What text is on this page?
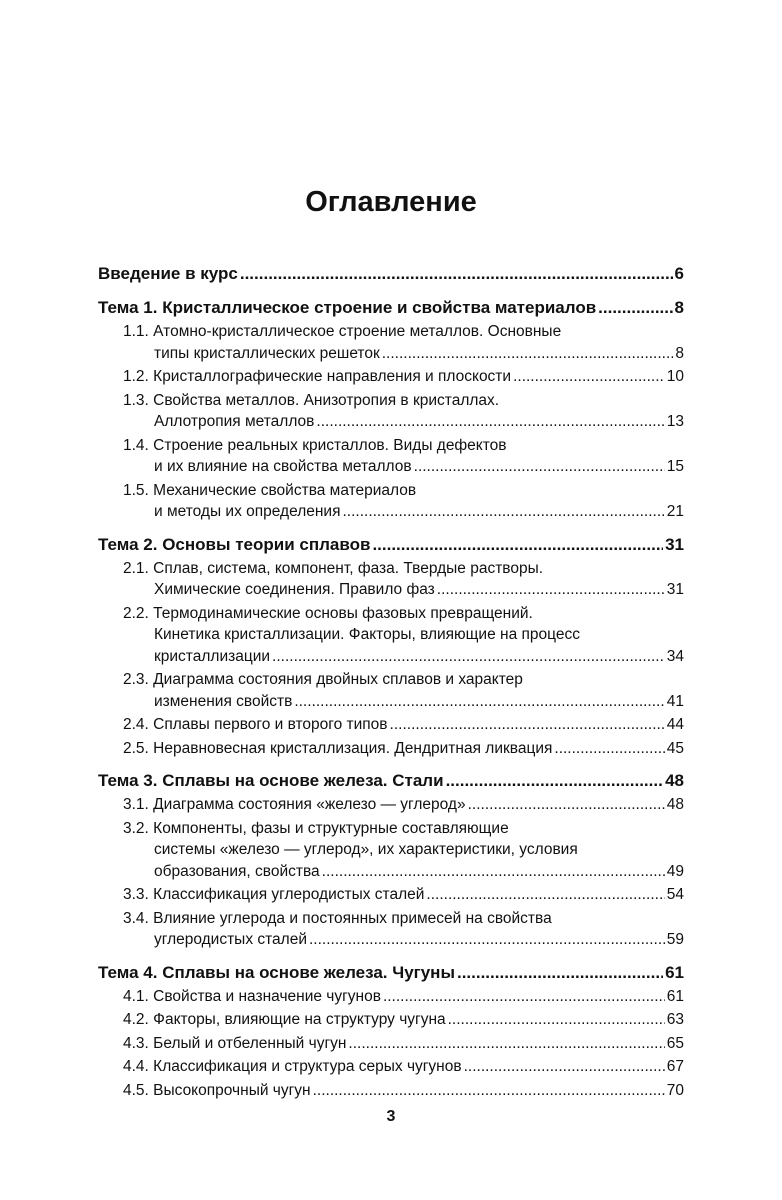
Оглавление
Введение в курс .....	6
Тема 1. Кристаллическое строение и свойства материалов .....	8
1.1. Атомно-кристаллическое строение металлов. Основные
типы кристаллических решеток .....	8
1.2. Кристаллографические направления и плоскости .....	10
1.3. Свойства металлов. Анизотропия в кристаллах.
Аллотропия металлов .....	13
1.4. Строение реальных кристаллов. Виды дефектов
и их влияние на свойства металлов .....	15
1.5. Механические свойства материалов
и методы их определения .....	21
Тема 2. Основы теории сплавов .....	31
2.1. Сплав, система, компонент, фаза. Твердые растворы.
Химические соединения. Правило фаз .....	31
2.2. Термодинамические основы фазовых превращений.
Кинетика кристаллизации. Факторы, влияющие на процесс
кристаллизации .....	34
2.3. Диаграмма состояния двойных сплавов и характер
изменения свойств .....	41
2.4. Сплавы первого и второго типов .....	44
2.5. Неравновесная кристаллизация. Дендритная ликвация .....	45
Тема 3. Сплавы на основе железа. Стали .....	48
3.1. Диаграмма состояния «железо — углерод» .....	48
3.2. Компоненты, фазы и структурные составляющие
системы «железо — углерод», их характеристики, условия
образования, свойства .....	49
3.3. Классификация углеродистых сталей .....	54
3.4. Влияние углерода и постоянных примесей на свойства
углеродистых сталей .....	59
Тема 4. Сплавы на основе железа. Чугуны .....	61
4.1. Свойства и назначение чугунов .....	61
4.2. Факторы, влияющие на структуру чугуна .....	63
4.3. Белый и отбеленный чугун .....	65
4.4. Классификация и структура серых чугунов .....	67
4.5. Высокопрочный чугун .....	70
3
